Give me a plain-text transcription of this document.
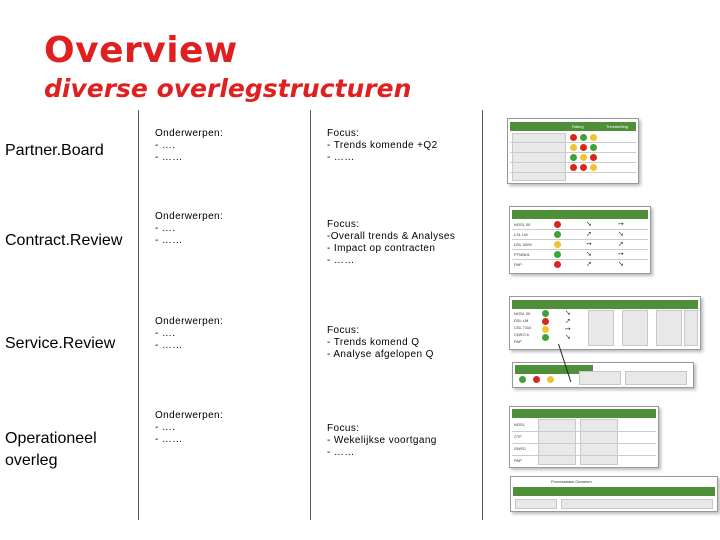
Overview
diverse overlegstructuren
Partner.Board
Onderwerpen:
- ….
- ……
Focus:
- Trends komende +Q2
- ……
Rating	Trendsetting
Contract.Review
Onderwerpen:
- ….
- ……
Focus:
-Overall trends & Analyses
- Impact op contracten
- ……
NOSL 00
LSL LM
DSL 0009
PTMN01
PAP
➘
➚
➙
➘
➚
➙
➘
➚
➙
➘
Service.Review
Onderwerpen:
- ….
- ……
Focus:
- Trends komend Q
- Analyse afgelopen Q
NOSL 00
DSL LM
CSL 7110
CNSO 6
PAP
➘
➚
➙
➘
Operationeel
overleg
Onderwerpen:
- ….
- ……
Focus:
- Wekelijkse voortgang
- ……
NOSL
CTF
GNSO
PAP
Processtatus Gemeten
